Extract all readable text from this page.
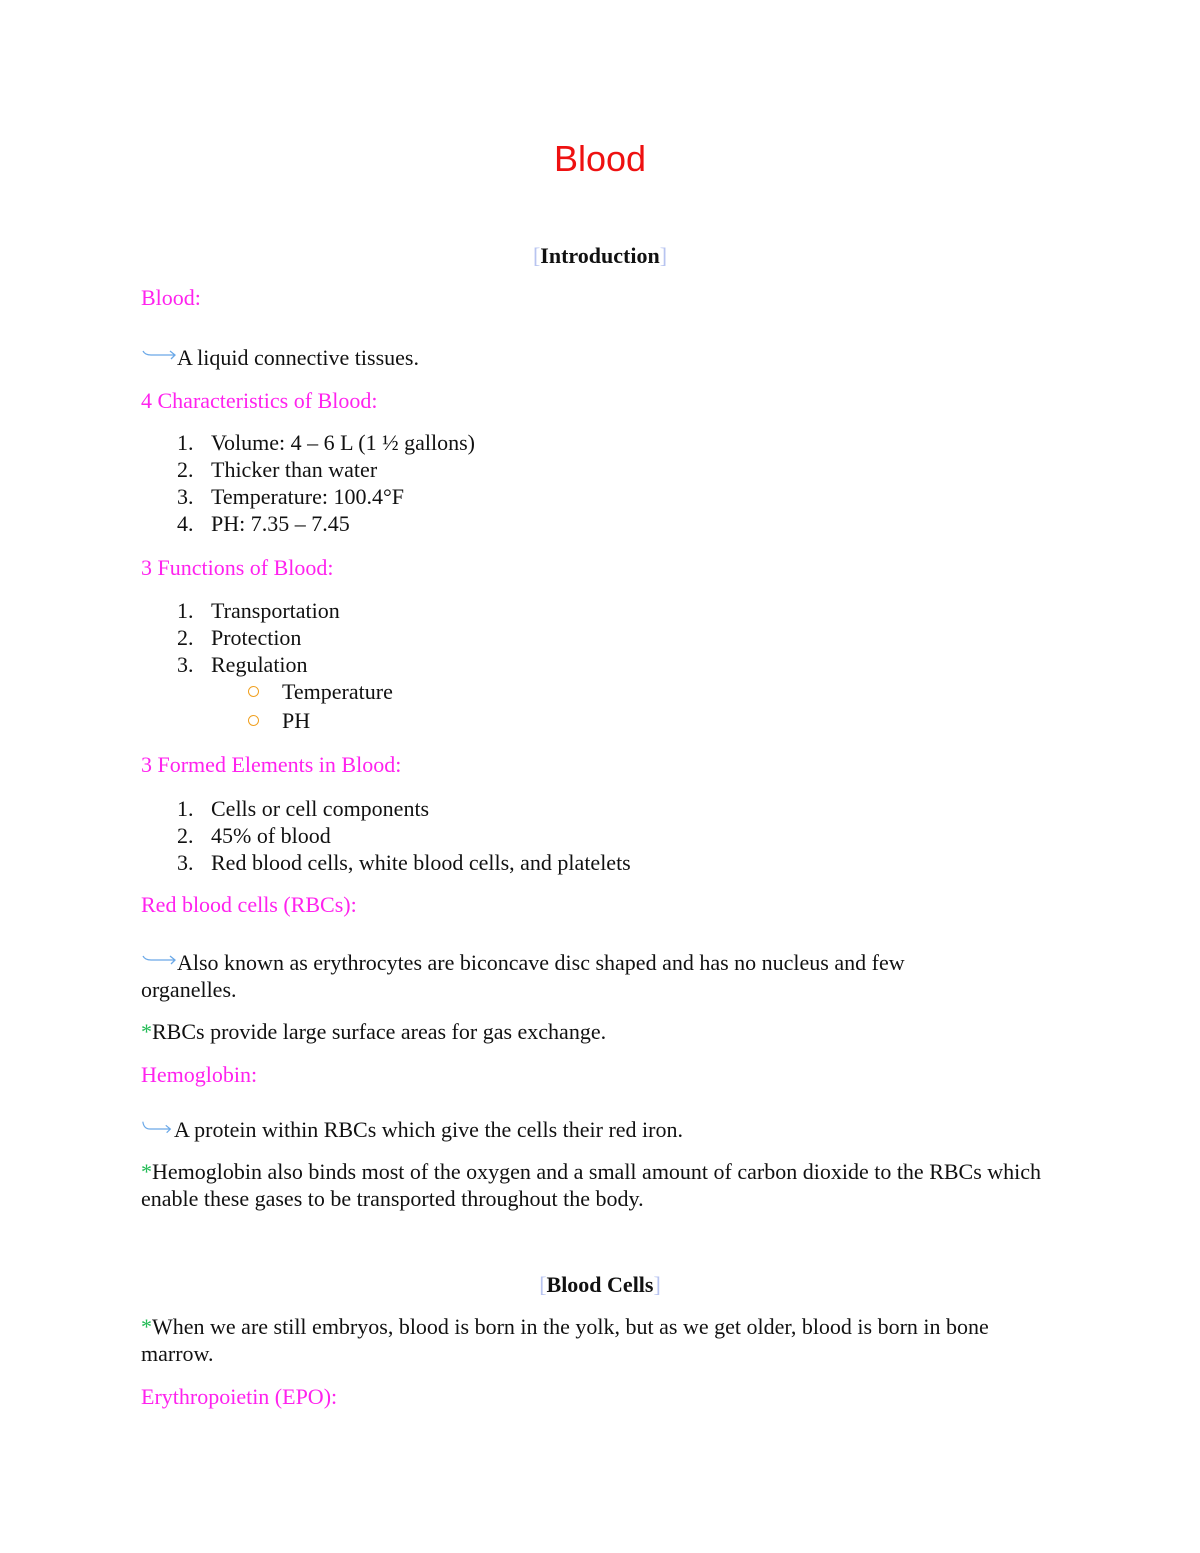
Blood
[Introduction]
Blood:
A liquid connective tissues.
4 Characteristics of Blood:
1. Volume: 4 – 6 L (1 ½ gallons)
2. Thicker than water
3. Temperature: 100.4°F
4. PH: 7.35 – 7.45
3 Functions of Blood:
1. Transportation
2. Protection
3. Regulation
Temperature
PH
3 Formed Elements in Blood:
1. Cells or cell components
2. 45% of blood
3. Red blood cells, white blood cells, and platelets
Red blood cells (RBCs):
Also known as erythrocytes are biconcave disc shaped and has no nucleus and few organelles.
*RBCs provide large surface areas for gas exchange.
Hemoglobin:
A protein within RBCs which give the cells their red iron.
*Hemoglobin also binds most of the oxygen and a small amount of carbon dioxide to the RBCs which enable these gases to be transported throughout the body.
[Blood Cells]
*When we are still embryos, blood is born in the yolk, but as we get older, blood is born in bone marrow.
Erythropoietin (EPO):
